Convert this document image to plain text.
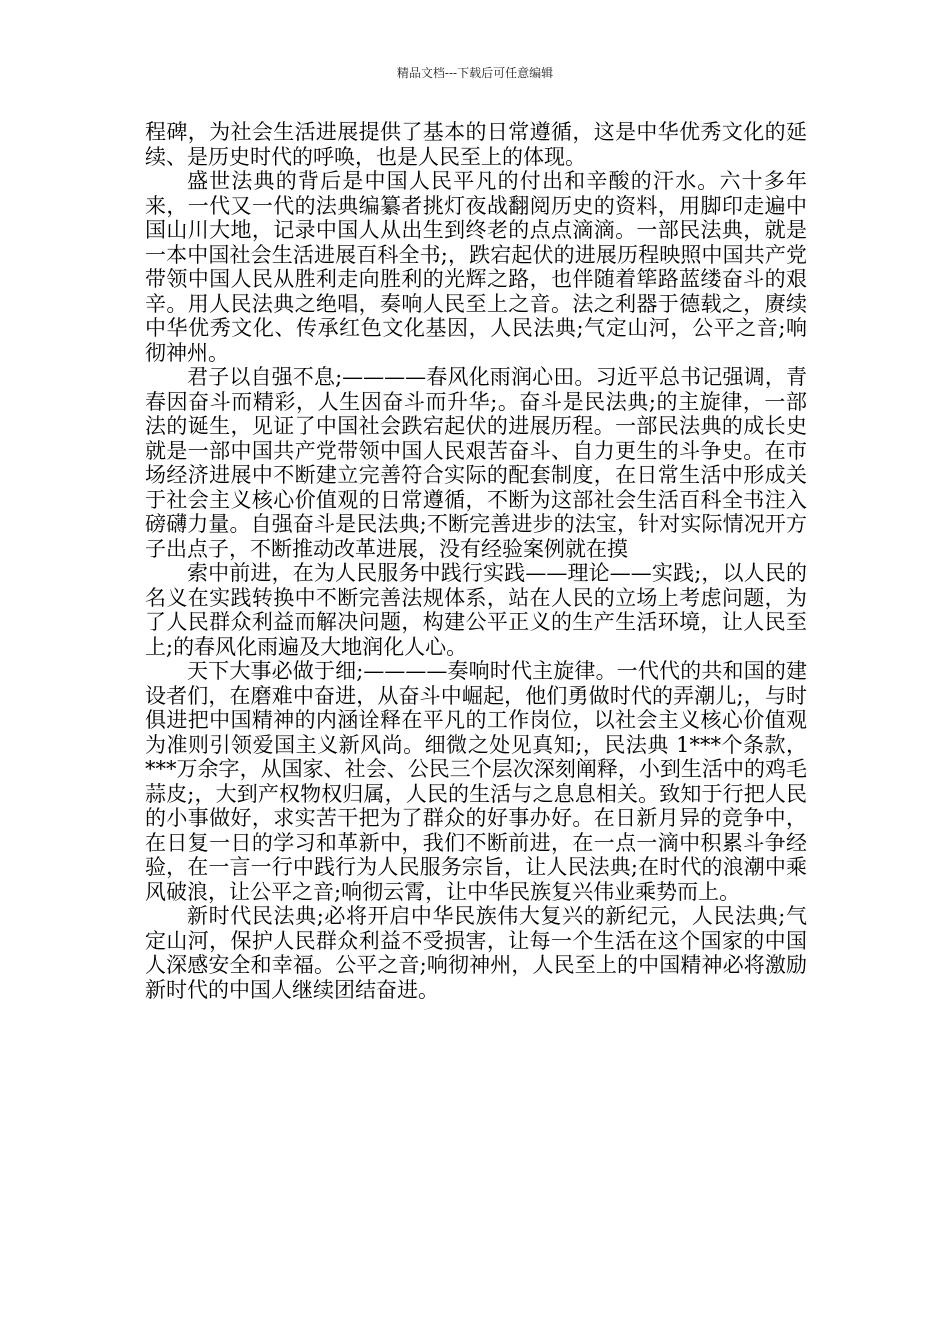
精品文档---下载后可任意编辑

程碑，为社会生活进展提供了基本的日常遵循，这是中华优秀文化的延续、是历史时代的呼唤，也是人民至上的体现。

盛世法典的背后是中国人民平凡的付出和辛酸的汗水。六十多年来，一代又一代的法典编纂者挑灯夜战翻阅历史的资料，用脚印走遍中国山川大地，记录中国人从出生到终老的点点滴滴。一部民法典，就是一本中国社会生活进展百科全书;，跌宕起伏的进展历程映照中国共产党带领中国人民从胜利走向胜利的光辉之路，也伴随着筚路蓝缕奋斗的艰辛。用人民法典之绝唱，奏响人民至上之音。法之利器于德载之，赓续中华优秀文化、传承红色文化基因，人民法典;气定山河，公平之音;响彻神州。

君子以自强不息;————春风化雨润心田。习近平总书记强调，青春因奋斗而精彩，人生因奋斗而升华;。奋斗是民法典;的主旋律，一部法的诞生，见证了中国社会跌宕起伏的进展历程。一部民法典的成长史就是一部中国共产党带领中国人民艰苦奋斗、自力更生的斗争史。在市场经济进展中不断建立完善符合实际的配套制度，在日常生活中形成关于社会主义核心价值观的日常遵循，不断为这部社会生活百科全书注入磅礴力量。自强奋斗是民法典;不断完善进步的法宝，针对实际情况开方子出点子，不断推动改革进展，没有经验案例就在摸

索中前进，在为人民服务中践行实践——理论——实践;，以人民的名义在实践转换中不断完善法规体系，站在人民的立场上考虑问题，为了人民群众利益而解决问题，构建公平正义的生产生活环境，让人民至上;的春风化雨遍及大地润化人心。

天下大事必做于细;————奏响时代主旋律。一代代的共和国的建设者们，在磨难中奋进，从奋斗中崛起，他们勇做时代的弄潮儿;，与时俱进把中国精神的内涵诠释在平凡的工作岗位，以社会主义核心价值观为准则引领爱国主义新风尚。细微之处见真知;，民法典 1***个条款，***万余字，从国家、社会、公民三个层次深刻阐释，小到生活中的鸡毛蒜皮;，大到产权物权归属，人民的生活与之息息相关。致知于行把人民的小事做好，求实苦干把为了群众的好事办好。在日新月异的竞争中，在日复一日的学习和革新中，我们不断前进，在一点一滴中积累斗争经验，在一言一行中践行为人民服务宗旨，让人民法典;在时代的浪潮中乘风破浪，让公平之音;响彻云霄，让中华民族复兴伟业乘势而上。

新时代民法典;必将开启中华民族伟大复兴的新纪元，人民法典;气定山河，保护人民群众利益不受损害，让每一个生活在这个国家的中国人深感安全和幸福。公平之音;响彻神州，人民至上的中国精神必将激励新时代的中国人继续团结奋进。
